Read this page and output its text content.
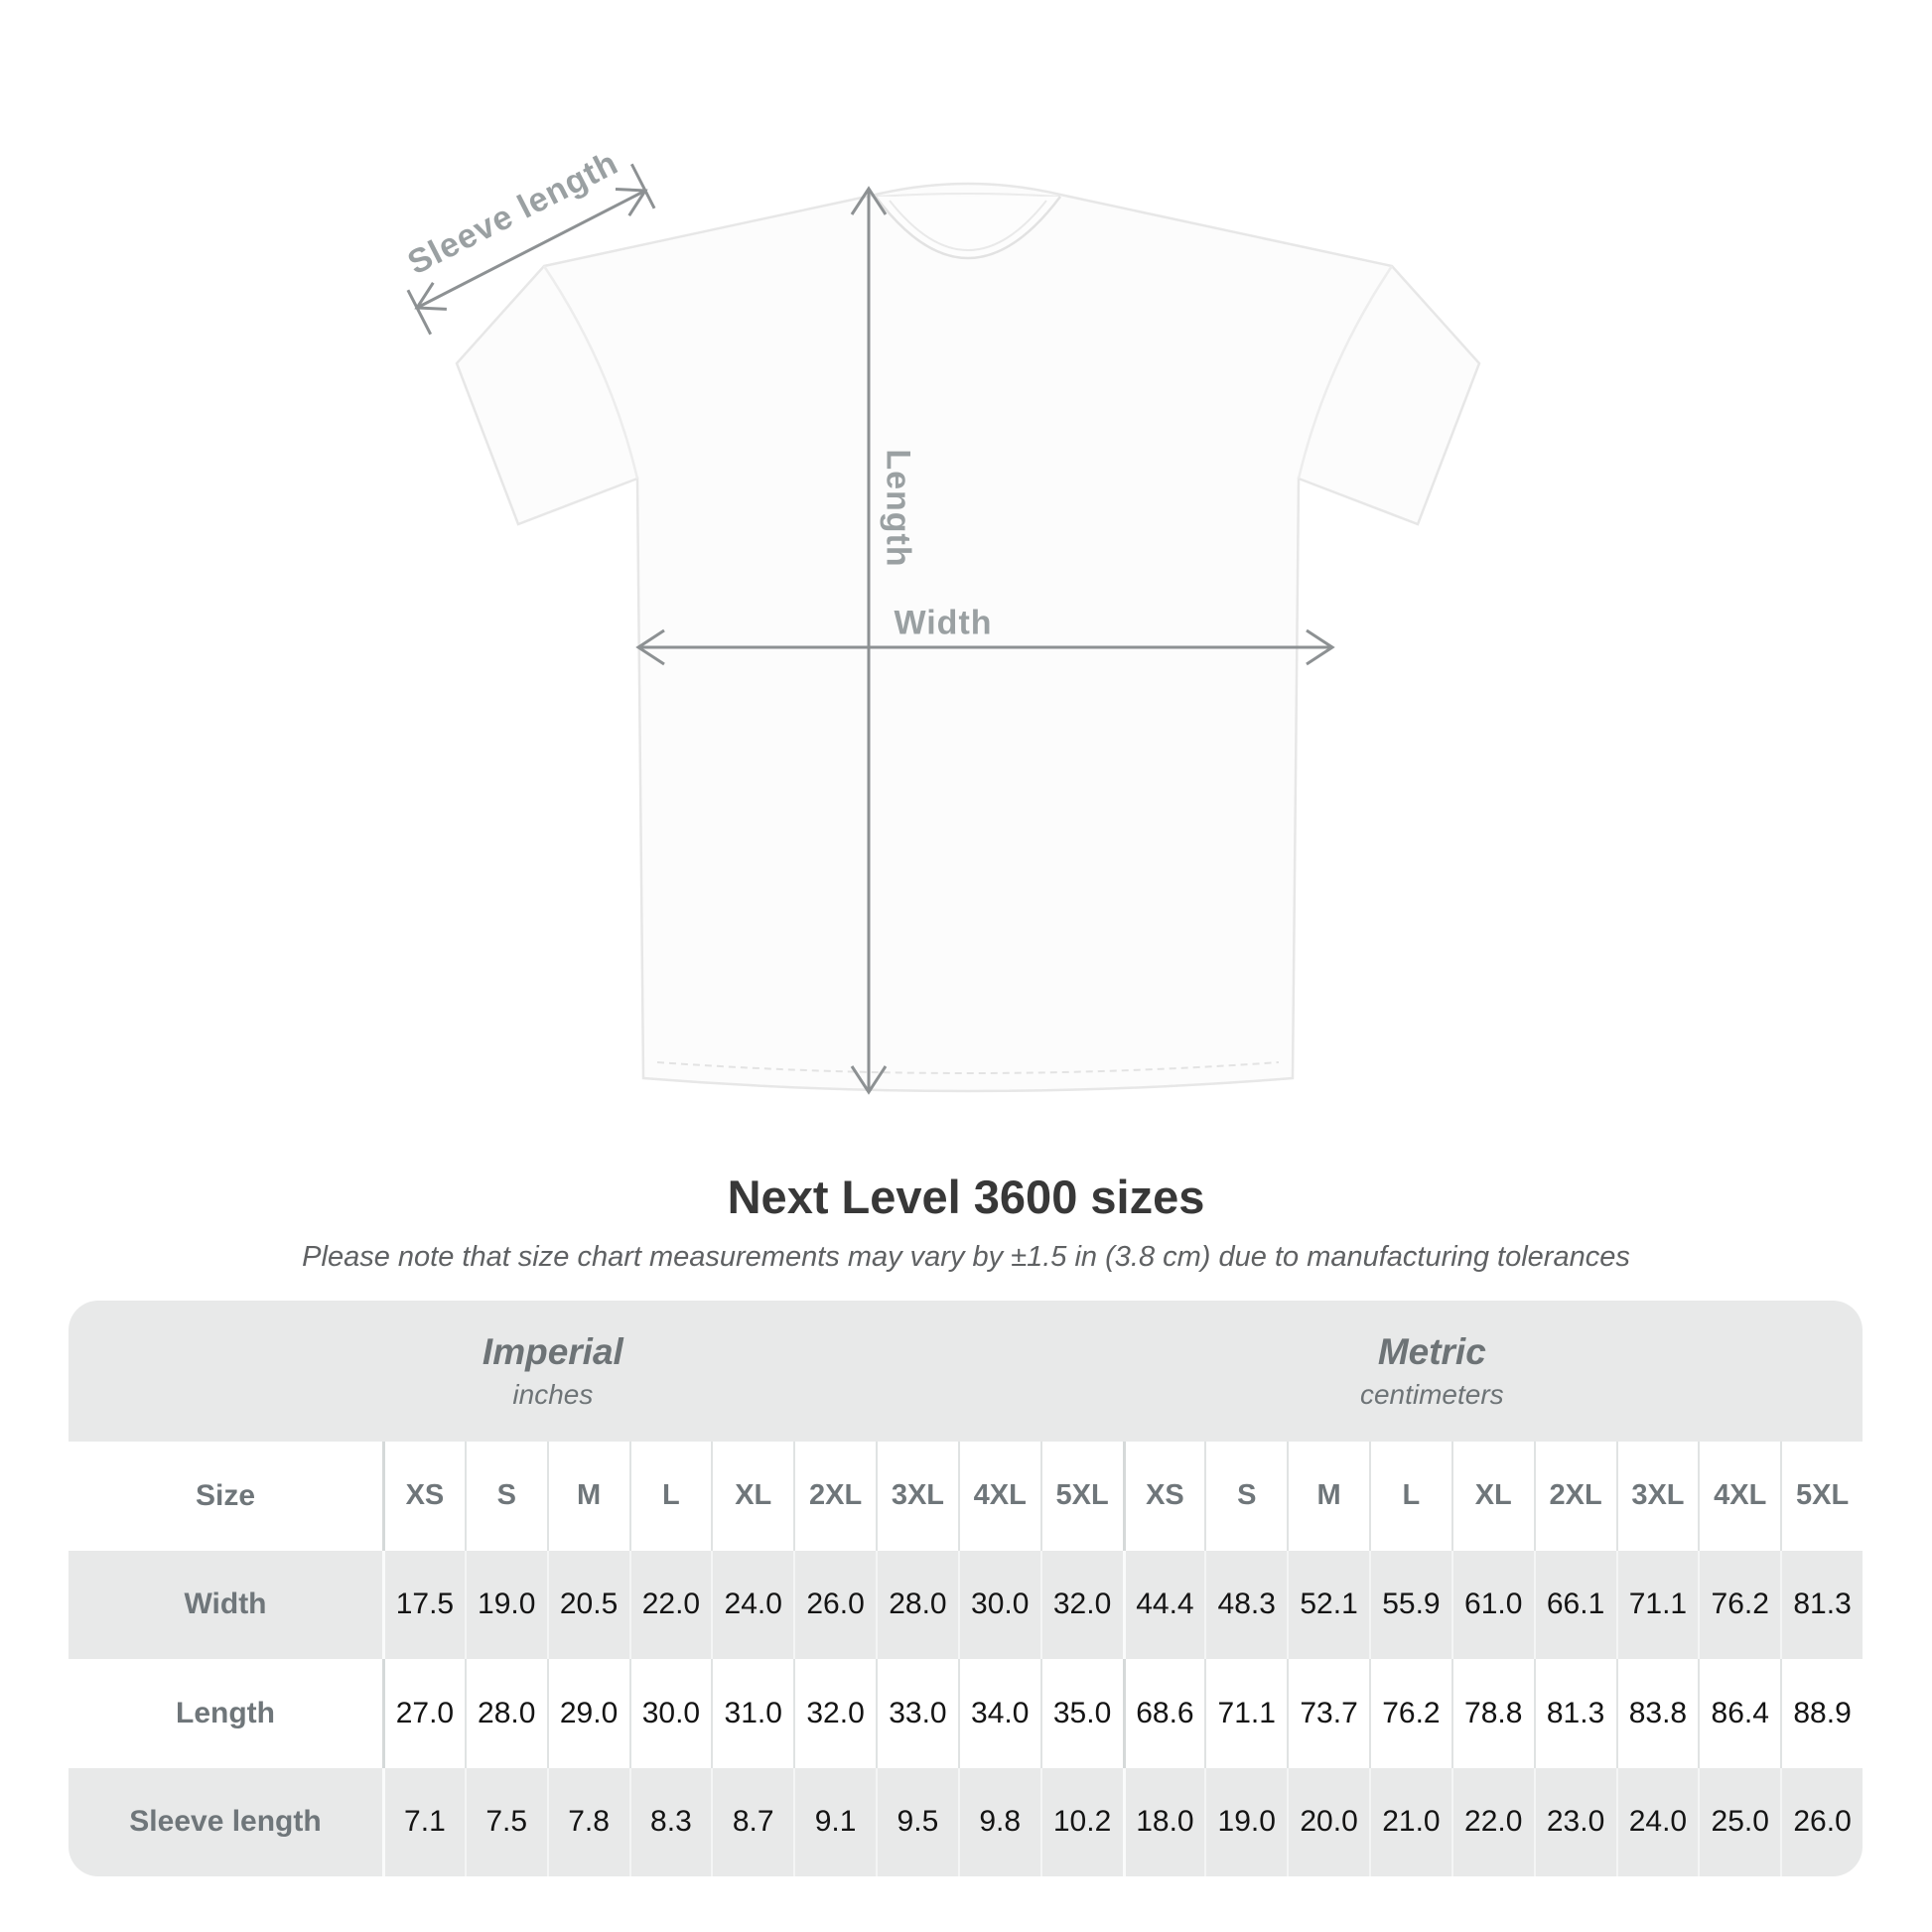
Sleeve length
Length
Width
Next Level 3600 sizes
Please note that size chart measurements may vary by ±1.5 in (3.8 cm) due to manufacturing tolerances
Imperial
inches
Metric
centimeters
Size	XS	S	M	L	XL	2XL	3XL	4XL	5XL	XS	S	M	L	XL	2XL	3XL	4XL	5XL
Width	17.5 19.0 20.5 22.0 24.0 26.0 28.0 30.0 32.0 44.4 48.3 52.1 55.9 61.0 66.1 71.1 76.2 81.3
Length	27.0 28.0 29.0 30.0 31.0 32.0 33.0 34.0 35.0 68.6 71.1 73.7 76.2 78.8 81.3 83.8 86.4 88.9
Sleeve length	7.1	7.5	7.8	8.3	8.7	9.1	9.5	9.8	10.2 18.0 19.0 20.0 21.0 22.0 23.0 24.0 25.0 26.0
